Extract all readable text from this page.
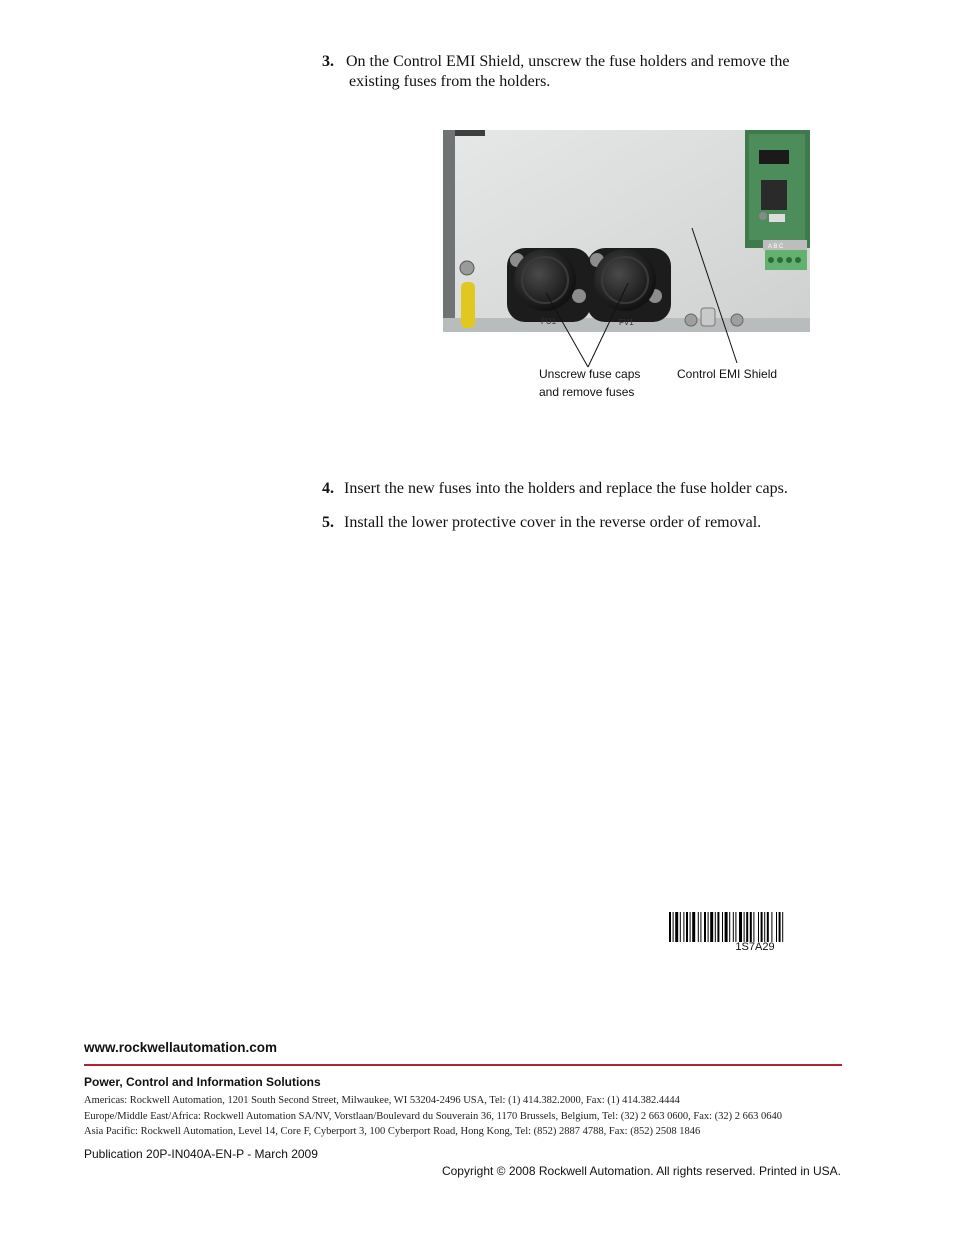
3. On the Control EMI Shield, unscrew the fuse holders and remove the
existing fuses from the holders.
A B C
FU1	FV1
Unscrew fuse caps
and remove fuses
Control EMI Shield
4. Insert the new fuses into the holders and replace the fuse holder caps.
5. Install the lower protective cover in the reverse order of removal.
1S7A29
www.rockwellautomation.com
Power, Control and Information Solutions
Americas: Rockwell Automation, 1201 South Second Street, Milwaukee, WI 53204-2496 USA, Tel: (1) 414.382.2000, Fax: (1) 414.382.4444
Europe/Middle East/Africa: Rockwell Automation SA/NV, Vorstlaan/Boulevard du Souverain 36, 1170 Brussels, Belgium, Tel: (32) 2 663 0600, Fax: (32) 2 663 0640
Asia Pacific: Rockwell Automation, Level 14, Core F, Cyberport 3, 100 Cyberport Road, Hong Kong, Tel: (852) 2887 4788, Fax: (852) 2508 1846
Publication 20P-IN040A-EN-P - March 2009
Copyright © 2008 Rockwell Automation. All rights reserved. Printed in USA.
